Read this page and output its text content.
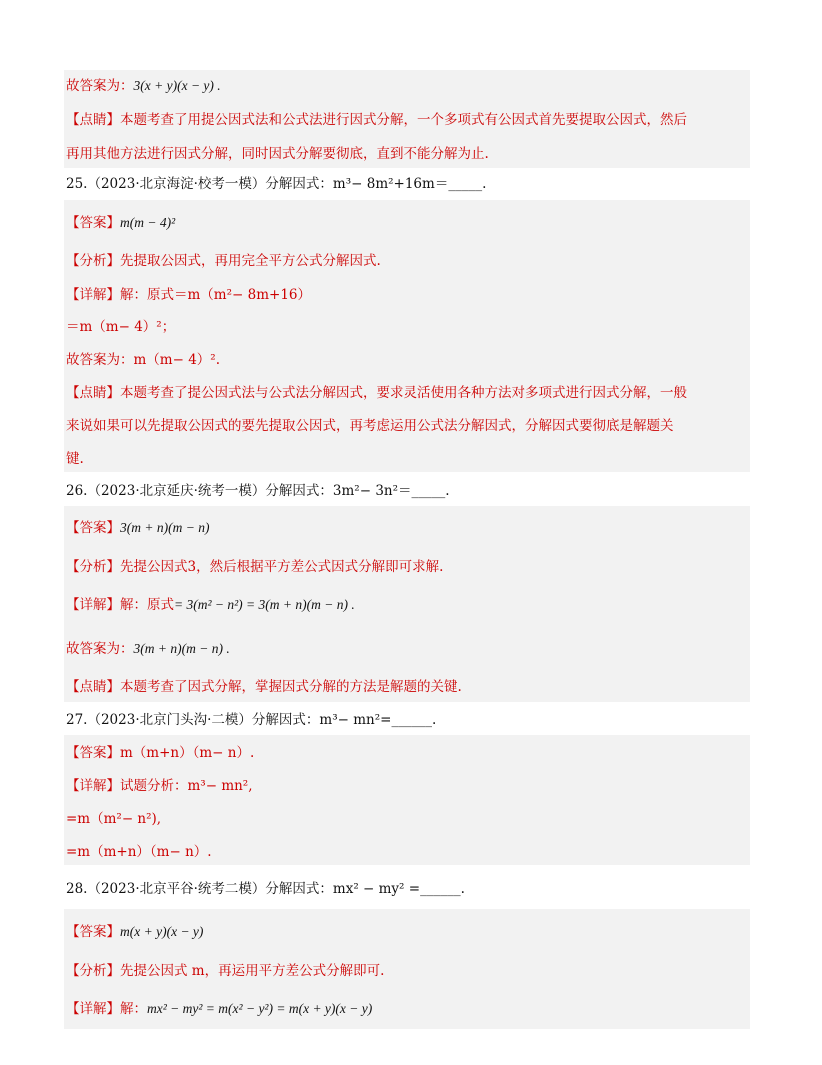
故答案为：3(x + y)(x − y) .
【点睛】本题考查了用提公因式法和公式法进行因式分解，一个多项式有公因式首先要提取公因式，然后
再用其他方法进行因式分解，同时因式分解要彻底，直到不能分解为止.
25.（2023·北京海淀·校考一模）分解因式：m³− 8m²+16m＝_____.
【答案】m(m − 4)²
【分析】先提取公因式，再用完全平方公式分解因式.
【详解】解：原式＝m（m²− 8m+16）
＝m（m− 4）²；
故答案为：m（m− 4）².
【点睛】本题考查了提公因式法与公式法分解因式，要求灵活使用各种方法对多项式进行因式分解，一般
来说如果可以先提取公因式的要先提取公因式，再考虑运用公式法分解因式，分解因式要彻底是解题关
键.
26.（2023·北京延庆·统考一模）分解因式：3m²− 3n²＝_____.
【答案】3(m + n)(m − n)
【分析】先提公因式3，然后根据平方差公式因式分解即可求解.
【详解】解：原式= 3(m² − n²) = 3(m + n)(m − n) .
故答案为：3(m + n)(m − n) .
【点睛】本题考查了因式分解，掌握因式分解的方法是解题的关键.
27.（2023·北京门头沟·二模）分解因式：m³− mn²=______.
【答案】m（m+n）（m− n）.
【详解】试题分析：m³− mn²,
=m（m²− n²),
=m（m+n）（m− n）.
28.（2023·北京平谷·统考二模）分解因式：mx² − my² =______.
【答案】m(x + y)(x − y)
【分析】先提公因式 m，再运用平方差公式分解即可.
【详解】解：mx² − my² = m(x² − y²) = m(x + y)(x − y)
